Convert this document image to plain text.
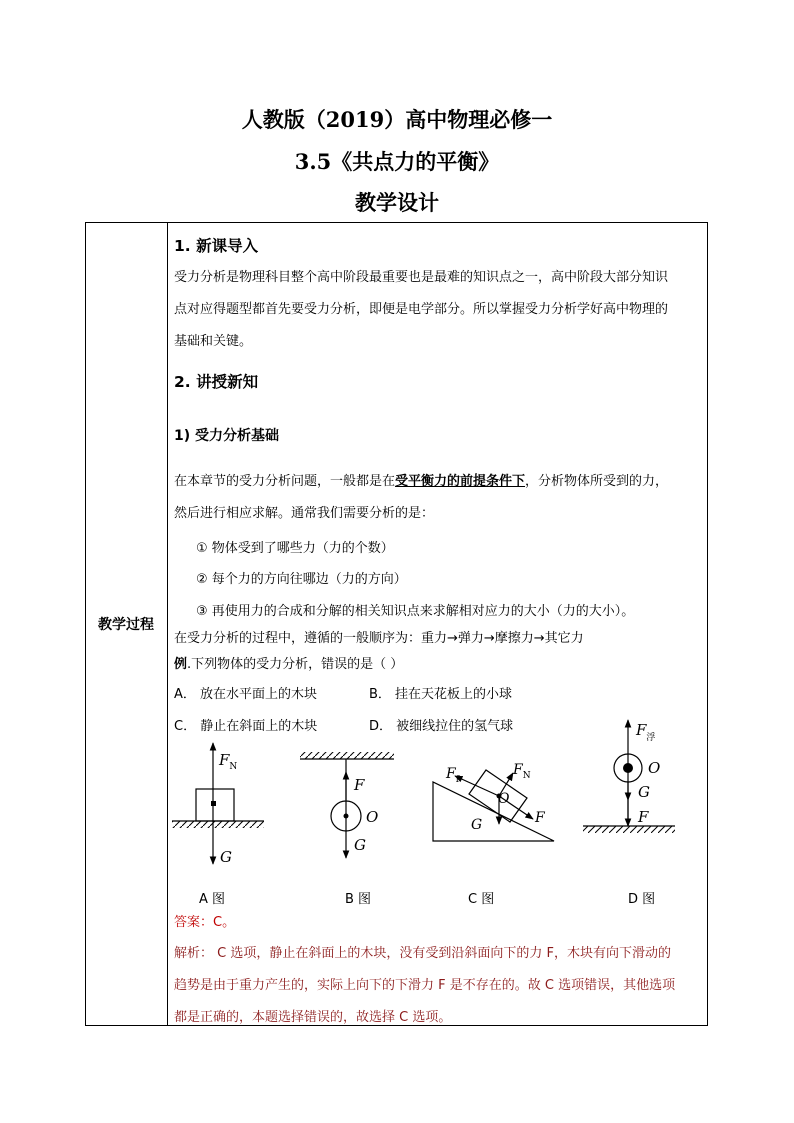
人教版（2019）高中物理必修一
3.5《共点力的平衡》
教学设计
教学过程
1. 新课导入
受力分析是物理科目整个高中阶段最重要也是最难的知识点之一，高中阶段大部分知识
点对应得题型都首先要受力分析，即便是电学部分。所以掌握受力分析学好高中物理的
基础和关键。
2. 讲授新知
1) 受力分析基础
在本章节的受力分析问题，一般都是在受平衡力的前提条件下，分析物体所受到的力，
然后进行相应求解。通常我们需要分析的是：
① 物体受到了哪些力（力的个数）
② 每个力的方向往哪边（力的方向）
③ 再使用力的合成和分解的相关知识点来求解相对应力的大小（力的大小）。
在受力分析的过程中，遵循的一般顺序为：重力→弹力→摩擦力→其它力
例.下列物体的受力分析，错误的是（ ）
A． 放在水平面上的木块	B． 挂在天花板上的小球
C． 静止在斜面上的木块	D． 被细线拉住的氢气球
$F_N$
G
F
O
G
$F_f$
$F_N$
O
G	F
$F_浮$
O
G
F
A 图	B 图	C 图	D 图
答案：C。
解析： C 选项，静止在斜面上的木块，没有受到沿斜面向下的力 F，木块有向下滑动的
趋势是由于重力产生的，实际上向下的下滑力 F 是不存在的。故 C 选项错误，其他选项
都是正确的，本题选择错误的，故选择 C 选项。
